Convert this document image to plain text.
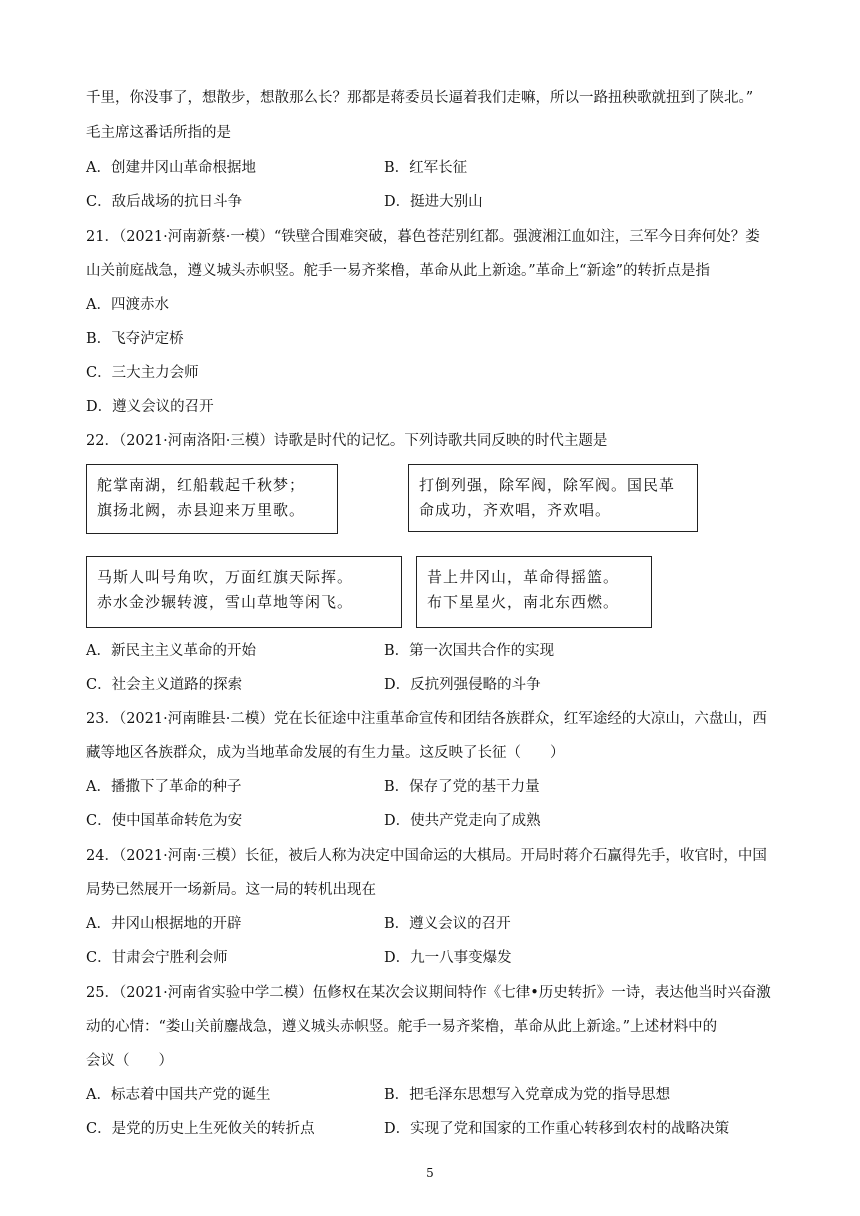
千里，你没事了，想散步，想散那么长？那都是蒋委员长逼着我们走嘛，所以一路扭秧歌就扭到了陕北。”
毛主席这番话所指的是
A．创建井冈山革命根据地	B．红军长征
C．敌后战场的抗日斗争	D．挺进大别山
21．（2021·河南新蔡·一模）“铁壁合围难突破，暮色苍茫别红都。强渡湘江血如注，三军今日奔何处？娄
山关前庭战急，遵义城头赤帜竖。舵手一易齐桨橹，革命从此上新途。”革命上“新途”的转折点是指
A．四渡赤水
B．飞夺泸定桥
C．三大主力会师
D．遵义会议的召开
22．（2021·河南洛阳·三模）诗歌是时代的记忆。下列诗歌共同反映的时代主题是
舵掌南湖，红船载起千秋梦；
旗扬北阙，赤县迎来万里歌。
打倒列强，除军阀，除军阀。国民革
命成功，齐欢唱，齐欢唱。
马斯人叫号角吹，万面红旗天际挥。
赤水金沙辗转渡，雪山草地等闲飞。
昔上井冈山，革命得摇篮。
布下星星火，南北东西燃。
A．新民主主义革命的开始	B．第一次国共合作的实现
C．社会主义道路的探索	D．反抗列强侵略的斗争
23．（2021·河南睢县·二模）党在长征途中注重革命宣传和团结各族群众，红军途经的大凉山，六盘山，西
藏等地区各族群众，成为当地革命发展的有生力量。这反映了长征（　　）
A．播撒下了革命的种子	B．保存了党的基干力量
C．使中国革命转危为安	D．使共产党走向了成熟
24．（2021·河南·三模）长征，被后人称为决定中国命运的大棋局。开局时蒋介石赢得先手，收官时，中国
局势已然展开一场新局。这一局的转机出现在
A．井冈山根据地的开辟	B．遵义会议的召开
C．甘肃会宁胜利会师	D．九一八事变爆发
25．（2021·河南省实验中学二模）伍修权在某次会议期间特作《七律•历史转折》一诗，表达他当时兴奋激
动的心情：“娄山关前鏖战急，遵义城头赤帜竖。舵手一易齐桨橹，革命从此上新途。”上述材料中的
会议（　　）
A．标志着中国共产党的诞生	B．把毛泽东思想写入党章成为党的指导思想
C．是党的历史上生死攸关的转折点	D．实现了党和国家的工作重心转移到农村的战略决策
5
